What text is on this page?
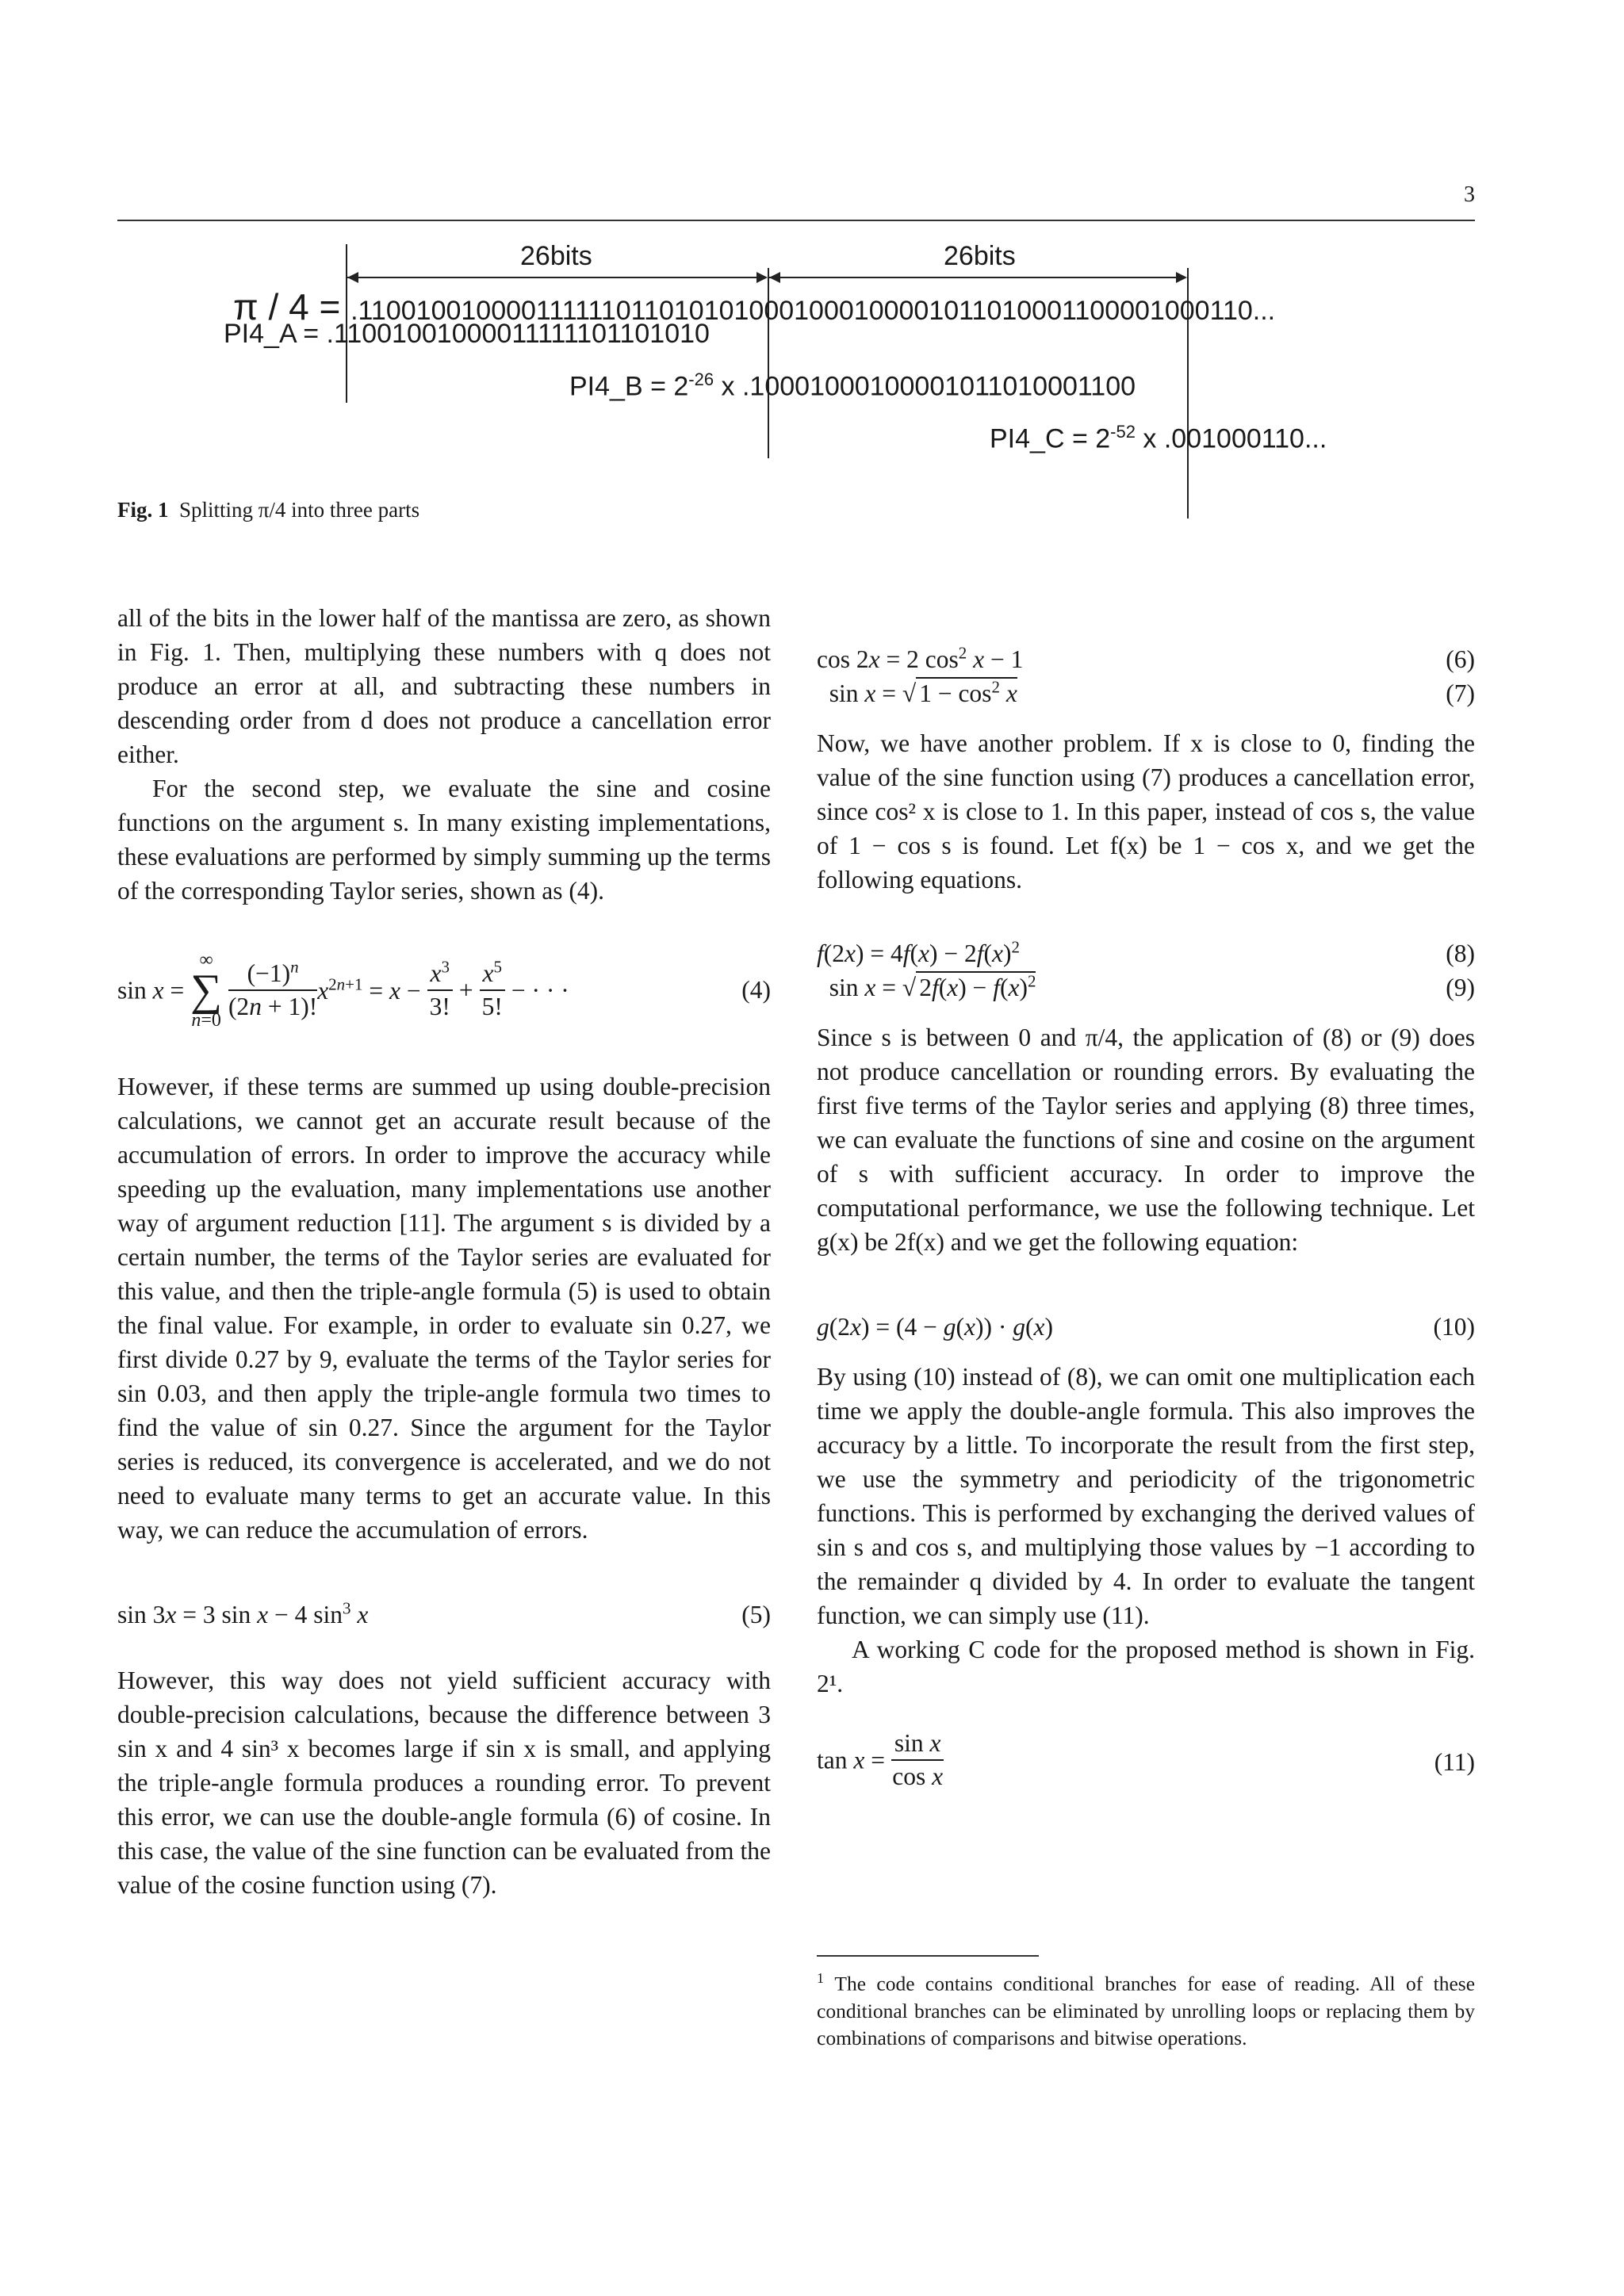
3
26bits	26bits
π / 4 = .1100100100001111110110101010001000100001011010001100001000110...
PI4_A = .11001001000011111101101010
PI4_B = $2^{-26}$ x .10001000100001011010001100
PI4_C = $2^{-52}$ x .001000110...
Fig. 1 Splitting π/4 into three parts

all of the bits in the lower half of the mantissa are zero, as shown in Fig. 1. Then, multiplying these numbers with q does not produce an error at all, and subtracting these numbers in descending order from d does not produce a cancellation error either.

For the second step, we evaluate the sine and cosine functions on the argument s. In many existing implementations, these evaluations are performed by simply summing up the terms of the corresponding Taylor series, shown as (4).

sin x = ∞
∑
$n=0 \frac{(-1)^n}{(2n + 1)!} x^{2n+1} = x - \frac{x^3}{3!} + \frac{x^5}{5!}$ − · · ·	(4)

However, if these terms are summed up using double-precision calculations, we cannot get an accurate result because of the accumulation of errors. In order to improve the accuracy while speeding up the evaluation, many implementations use another way of argument reduction [11]. The argument s is divided by a certain number, the terms of the Taylor series are evaluated for this value, and then the triple-angle formula (5) is used to obtain the final value. For example, in order to evaluate sin 0.27, we first divide 0.27 by 9, evaluate the terms of the Taylor series for sin 0.03, and then apply the triple-angle formula two times to find the value of sin 0.27. Since the argument for the Taylor series is reduced, its convergence is accelerated, and we do not need to evaluate many terms to get an accurate value. In this way, we can reduce the accumulation of errors.

sin 3x = 3 sin x − 4 $\sin^3 x$	(5)

However, this way does not yield sufficient accuracy with double-precision calculations, because the difference between 3 sin x and 4 sin³ x becomes large if sin x is small, and applying the triple-angle formula produces a rounding error. To prevent this error, we can use the double-angle formula (6) of cosine. In this case, the value of the sine function can be evaluated from the value of the cosine function using (7).

cos 2x = 2 $\cos^2 x - 1$	(6)
sin x = √ $1 - \cos^2 x$	(7)

Now, we have another problem. If x is close to 0, finding the value of the sine function using (7) produces a cancellation error, since cos² x is close to 1. In this paper, instead of cos s, the value of 1 − cos s is found. Let f(x) be 1 − cos x, and we get the following equations.

$f(2x) = 4f(x) - 2f(x)^2$	(8)
sin x = √ $2f(x) - f(x)^2$	(9)

Since s is between 0 and π/4, the application of (8) or (9) does not produce cancellation or rounding errors. By evaluating the first five terms of the Taylor series and applying (8) three times, we can evaluate the functions of sine and cosine on the argument of s with sufficient accuracy. In order to improve the computational performance, we use the following technique. Let g(x) be 2f(x) and we get the following equation:

g(2x) = (4 − g(x)) · g(x)	(10)

By using (10) instead of (8), we can omit one multiplication each time we apply the double-angle formula. This also improves the accuracy by a little. To incorporate the result from the first step, we use the symmetry and periodicity of the trigonometric functions. This is performed by exchanging the derived values of sin s and cos s, and multiplying those values by −1 according to the remainder q divided by 4. In order to evaluate the tangent function, we can simply use (11).

A working C code for the proposed method is shown in Fig. 2¹.

$\tan x = \frac{\text{sin x}}{\text{cos x}}$	(11)
$^1$ The code contains conditional branches for ease of reading. All of these conditional branches can be eliminated by unrolling loops or replacing them by combinations of comparisons and bitwise operations.
